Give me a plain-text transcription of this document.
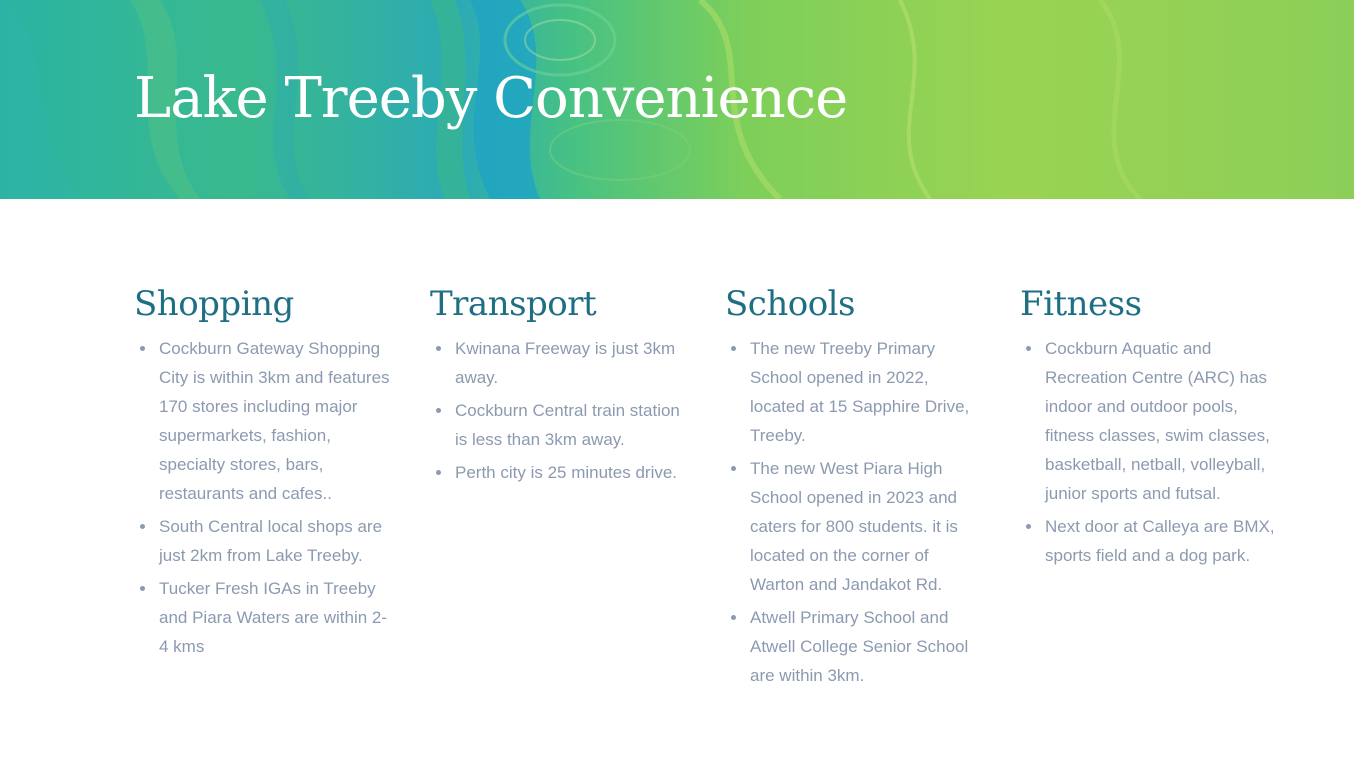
Lake Treeby Convenience
Shopping
Cockburn Gateway Shopping City is within 3km and features 170 stores including major supermarkets, fashion, specialty stores, bars, restaurants and cafes..
South Central local shops are just 2km from Lake Treeby.
Tucker Fresh IGAs in Treeby and Piara Waters are within 2-4 kms
Transport
Kwinana Freeway is just 3km away.
Cockburn Central train station is less than 3km away.
Perth city is 25 minutes drive.
Schools
The new Treeby Primary School opened in 2022, located at 15 Sapphire Drive, Treeby.
The new West Piara High School opened in 2023 and caters for 800 students. it is located on the corner of Warton and Jandakot Rd.
Atwell Primary School and Atwell College Senior School are within 3km.
Fitness
Cockburn Aquatic and Recreation Centre (ARC) has indoor and outdoor pools, fitness classes, swim classes, basketball, netball, volleyball, junior sports and futsal.
Next door at Calleya are BMX, sports field and a dog park.
